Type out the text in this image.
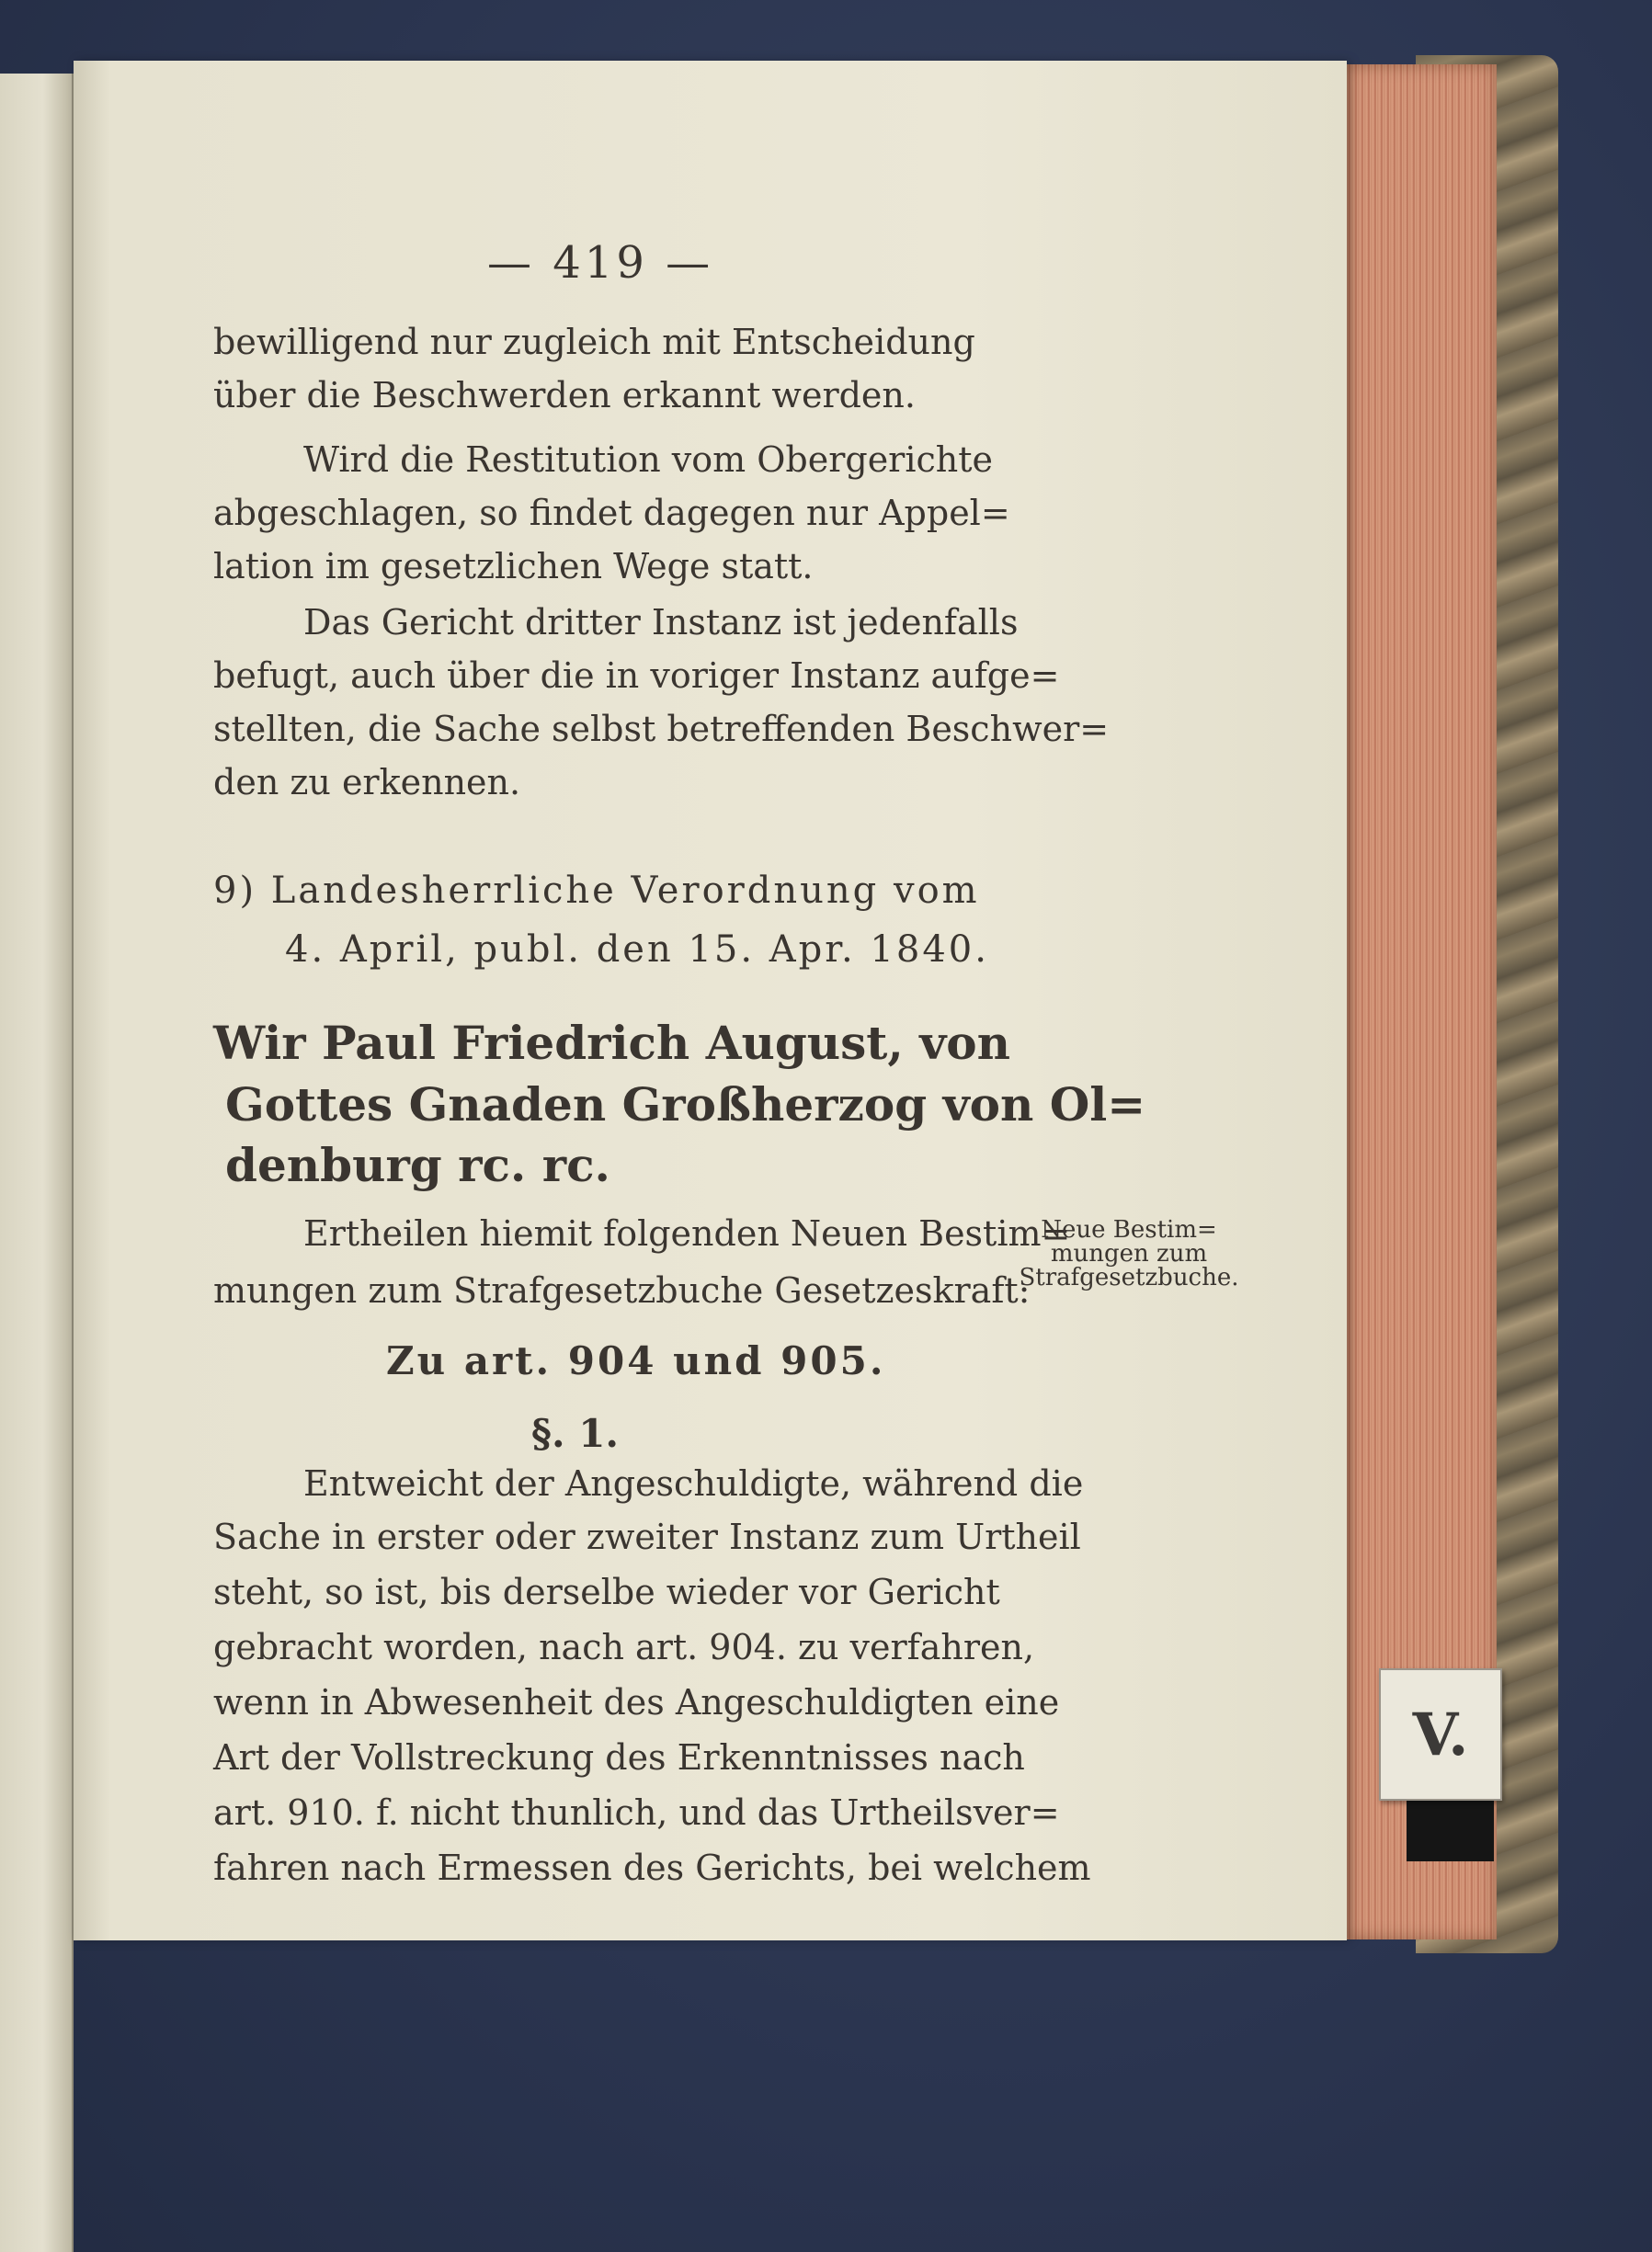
— 419 —
bewilligend nur zugleich mit Entscheidung
über die Beschwerden erkannt werden.
Wird die Restitution vom Obergerichte
abgeschlagen, so findet dagegen nur Appel=
lation im gesetzlichen Wege statt.
Das Gericht dritter Instanz ist jedenfalls
befugt, auch über die in voriger Instanz aufge=
stellten, die Sache selbst betreffenden Beschwer=
den zu erkennen.
9) Landesherrliche Verordnung vom
4. April, publ. den 15. Apr. 1840.
Wir Paul Friedrich August, von
Gottes Gnaden Großherzog von Ol=
denburg rc. rc.
Ertheilen hiemit folgenden Neuen Bestim=
mungen zum Strafgesetzbuche Gesetzeskraft:
Neue Bestim=
mungen zum
Strafgesetzbuche.
Zu art. 904 und 905.
§. 1.
Entweicht der Angeschuldigte, während die
Sache in erster oder zweiter Instanz zum Urtheil
steht, so ist, bis derselbe wieder vor Gericht
gebracht worden, nach art. 904. zu verfahren,
wenn in Abwesenheit des Angeschuldigten eine
Art der Vollstreckung des Erkenntnisses nach
art. 910. f. nicht thunlich, und das Urtheilsver=
fahren nach Ermessen des Gerichts, bei welchem
V.
